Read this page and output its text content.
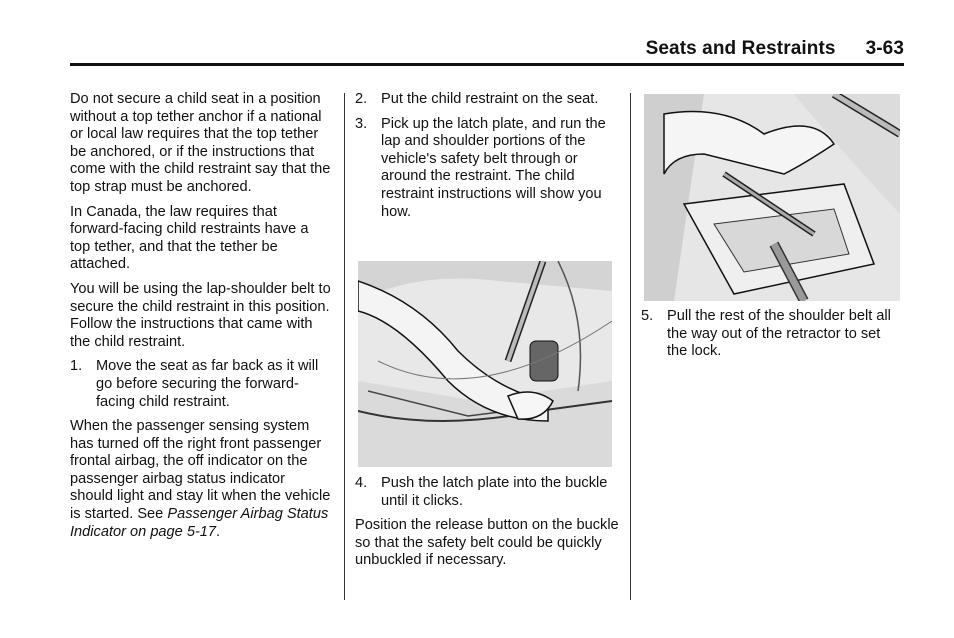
Seats and Restraints 3-63

Do not secure a child seat in a position without a top tether anchor if a national or local law requires that the top tether be anchored, or if the instructions that come with the child restraint say that the top strap must be anchored.

In Canada, the law requires that forward-facing child restraints have a top tether, and that the tether be attached.

You will be using the lap-shoulder belt to secure the child restraint in this position. Follow the instructions that came with the child restraint.

1. Move the seat as far back as it will go before securing the forward-facing child restraint.

When the passenger sensing system has turned off the right front passenger frontal airbag, the off indicator on the passenger airbag status indicator should light and stay lit when the vehicle is started. See Passenger Airbag Status Indicator on page 5-17.

2. Put the child restraint on the seat.
3. Pick up the latch plate, and run the lap and shoulder portions of the vehicle's safety belt through or around the restraint. The child restraint instructions will show you how.
4. Push the latch plate into the buckle until it clicks.

Position the release button on the buckle so that the safety belt could be quickly unbuckled if necessary.

5. Pull the rest of the shoulder belt all the way out of the retractor to set the lock.
